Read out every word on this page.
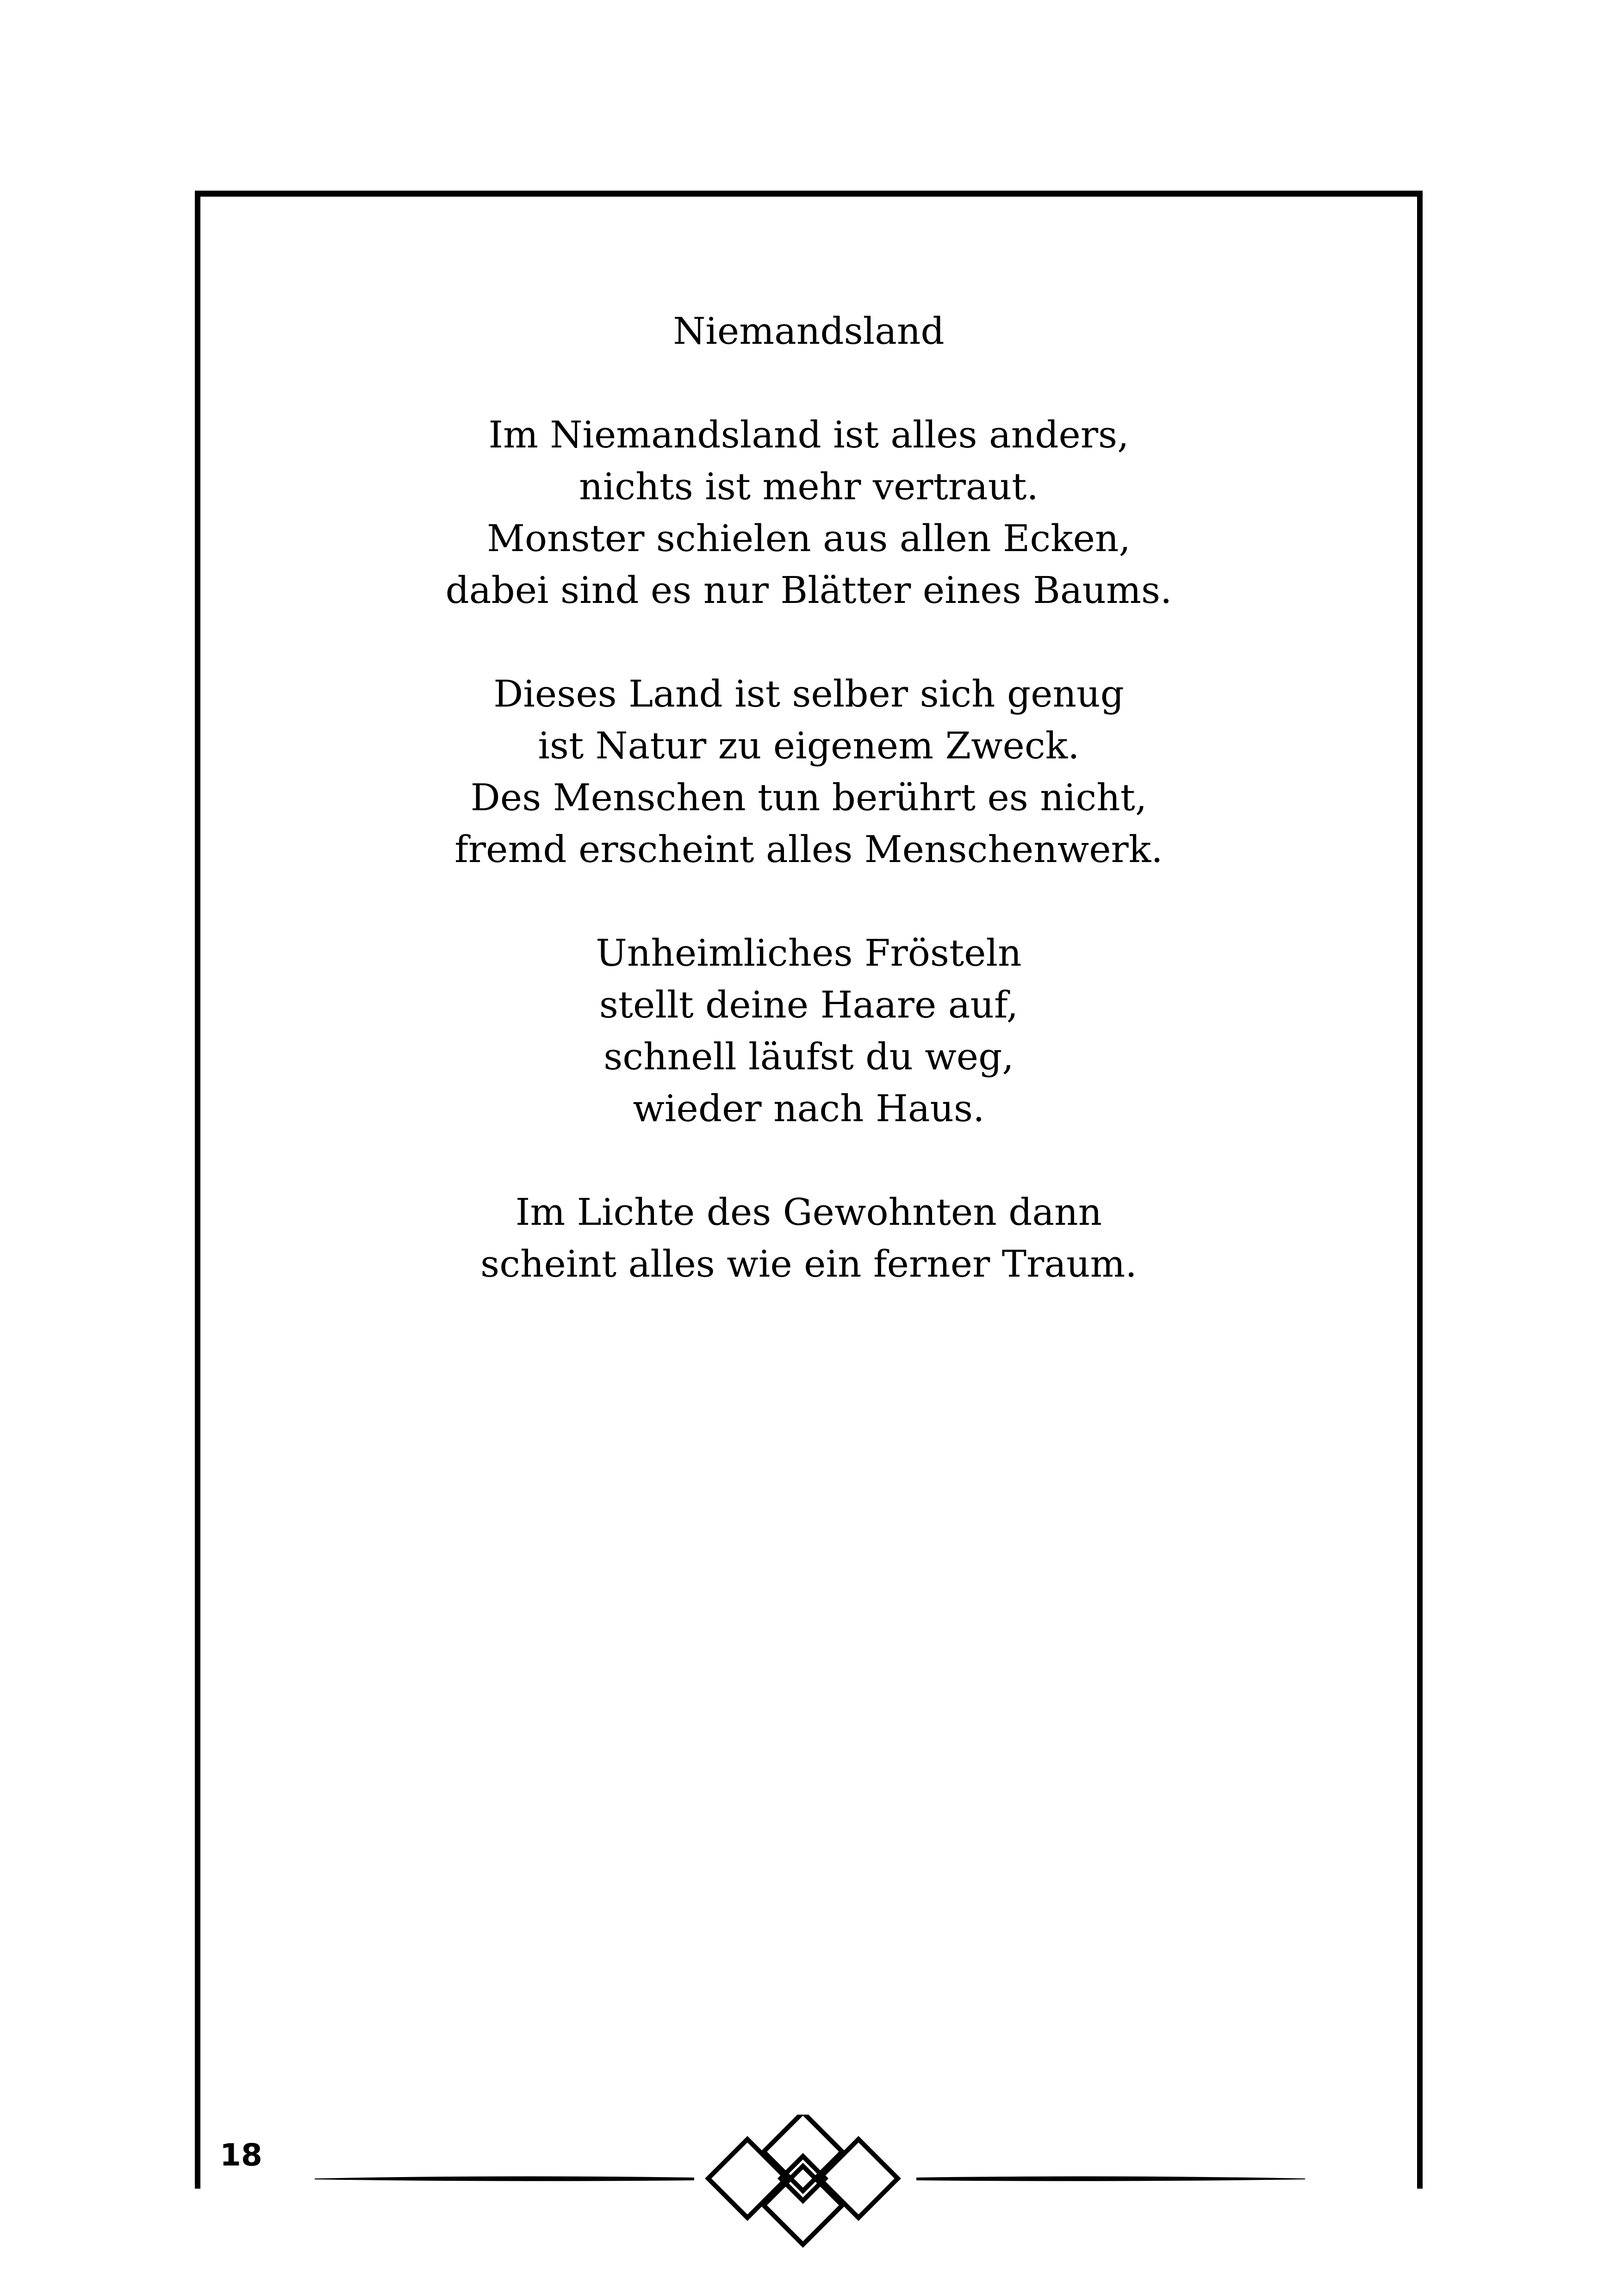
Niemandsland
Im Niemandsland ist alles anders,
nichts ist mehr vertraut.
Monster schielen aus allen Ecken,
dabei sind es nur Blätter eines Baums.
Dieses Land ist selber sich genug
ist Natur zu eigenem Zweck.
Des Menschen tun berührt es nicht,
fremd erscheint alles Menschenwerk.
Unheimliches Frösteln
stellt deine Haare auf,
schnell läufst du weg,
wieder nach Haus.
Im Lichte des Gewohnten dann
scheint alles wie ein ferner Traum.
18
